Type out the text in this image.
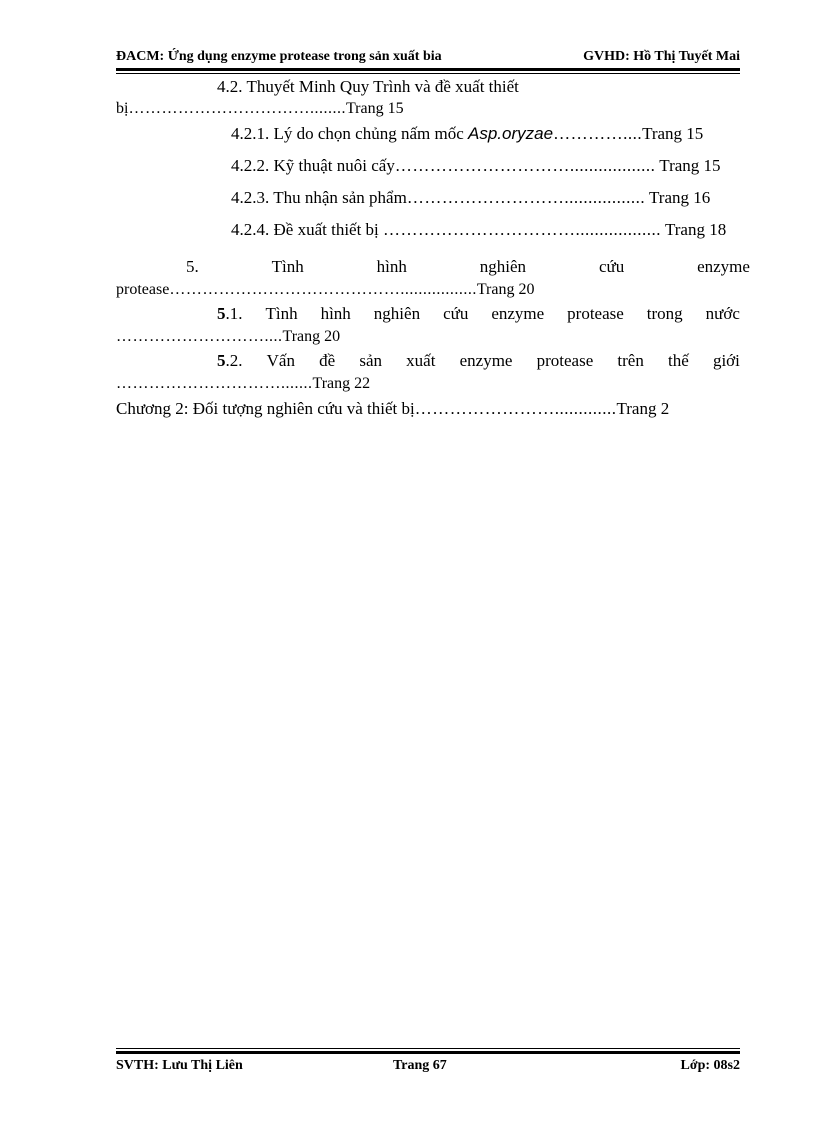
ĐACM: Ứng dụng enzyme protease trong sản xuất bia	GVHD: Hồ Thị Tuyết Mai
4.2. Thuyết Minh Quy Trình và đề xuất thiết
bị……………………………........Trang 15
4.2.1. Lý do chọn chủng nấm mốc Asp.oryzae…………....Trang 15
4.2.2. Kỹ thuật nuôi cấy………………………….................. Trang 15
4.2.3. Thu nhận sản phẩm………………………................. Trang 16
4.2.4. Đề xuất thiết bị …………………………….................. Trang 18
5.	Tình	hình	nghiên	cứu	enzyme
protease…………………………………….................Trang 20
5.1. Tình hình nghiên cứu enzyme protease trong nước
………………………....Trang 20
5.2. Vấn đề sản xuất enzyme protease trên thế giới
………………………….......Trang 22
Chương 2: Đối tượng nghiên cứu và thiết bị…………………….............Trang 2
SVTH: Lưu Thị Liên	Trang 67	Lớp: 08s2
